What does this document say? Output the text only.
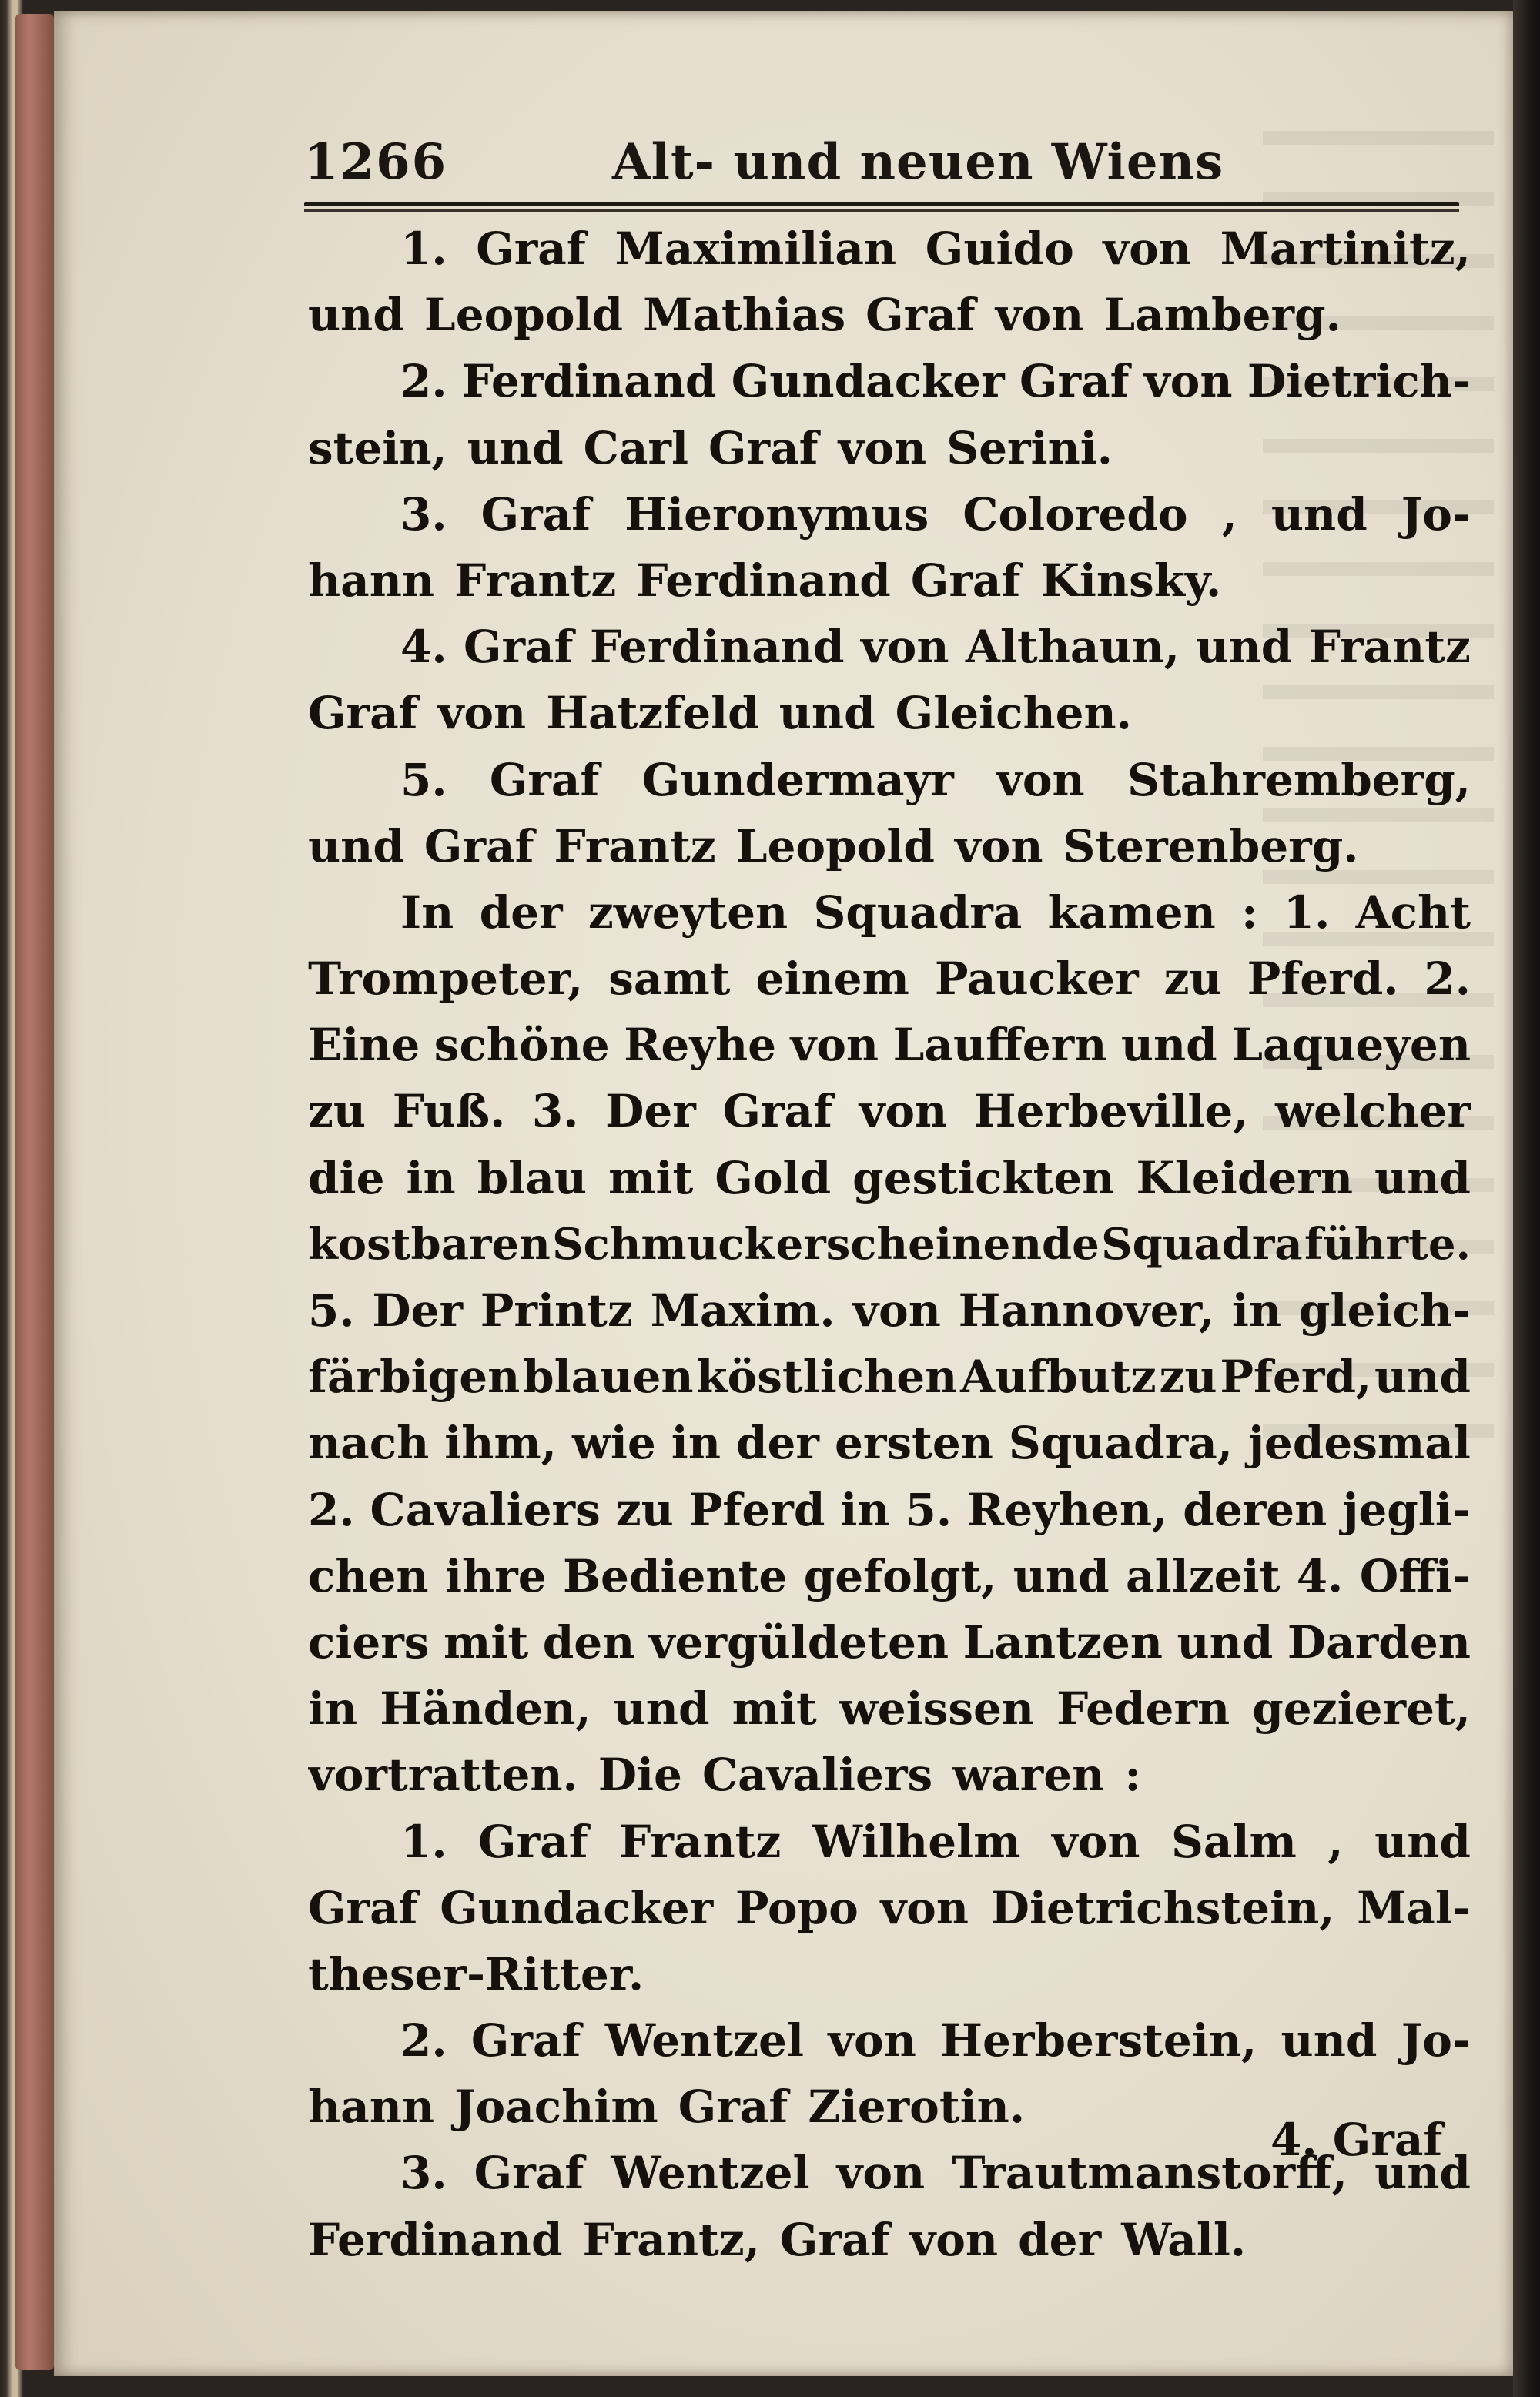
1266	Alt- und neuen Wiens
1. Graf Maximilian Guido von Martinitz,
und Leopold Mathias Graf von Lamberg.
2. Ferdinand Gundacker Graf von Dietrich-
stein, und Carl Graf von Serini.
3. Graf Hieronymus Coloredo , und Jo-
hann Frantz Ferdinand Graf Kinsky.
4. Graf Ferdinand von Althaun, und Frantz
Graf von Hatzfeld und Gleichen.
5. Graf Gundermayr von Stahremberg,
und Graf Frantz Leopold von Sterenberg.
In der zweyten Squadra kamen : 1. Acht
Trompeter, samt einem Paucker zu Pferd. 2.
Eine schöne Reyhe von Lauffern und Laqueyen
zu Fuß. 3. Der Graf von Herbeville, welcher
die in blau mit Gold gestickten Kleidern und
kostbaren Schmuck erscheinende Squadra führte.
5. Der Printz Maxim. von Hannover, in gleich-
färbigen blauen köstlichen Aufbutz zu Pferd, und
nach ihm, wie in der ersten Squadra, jedesmal
2. Cavaliers zu Pferd in 5. Reyhen, deren jegli-
chen ihre Bediente gefolgt, und allzeit 4. Offi-
ciers mit den vergüldeten Lantzen und Darden
in Händen, und mit weissen Federn gezieret,
vortratten. Die Cavaliers waren :
1. Graf Frantz Wilhelm von Salm , und
Graf Gundacker Popo von Dietrichstein, Mal-
theser-Ritter.
2. Graf Wentzel von Herberstein, und Jo-
hann Joachim Graf Zierotin.
3. Graf Wentzel von Trautmanstorff, und
Ferdinand Frantz, Graf von der Wall.
4. Graf
